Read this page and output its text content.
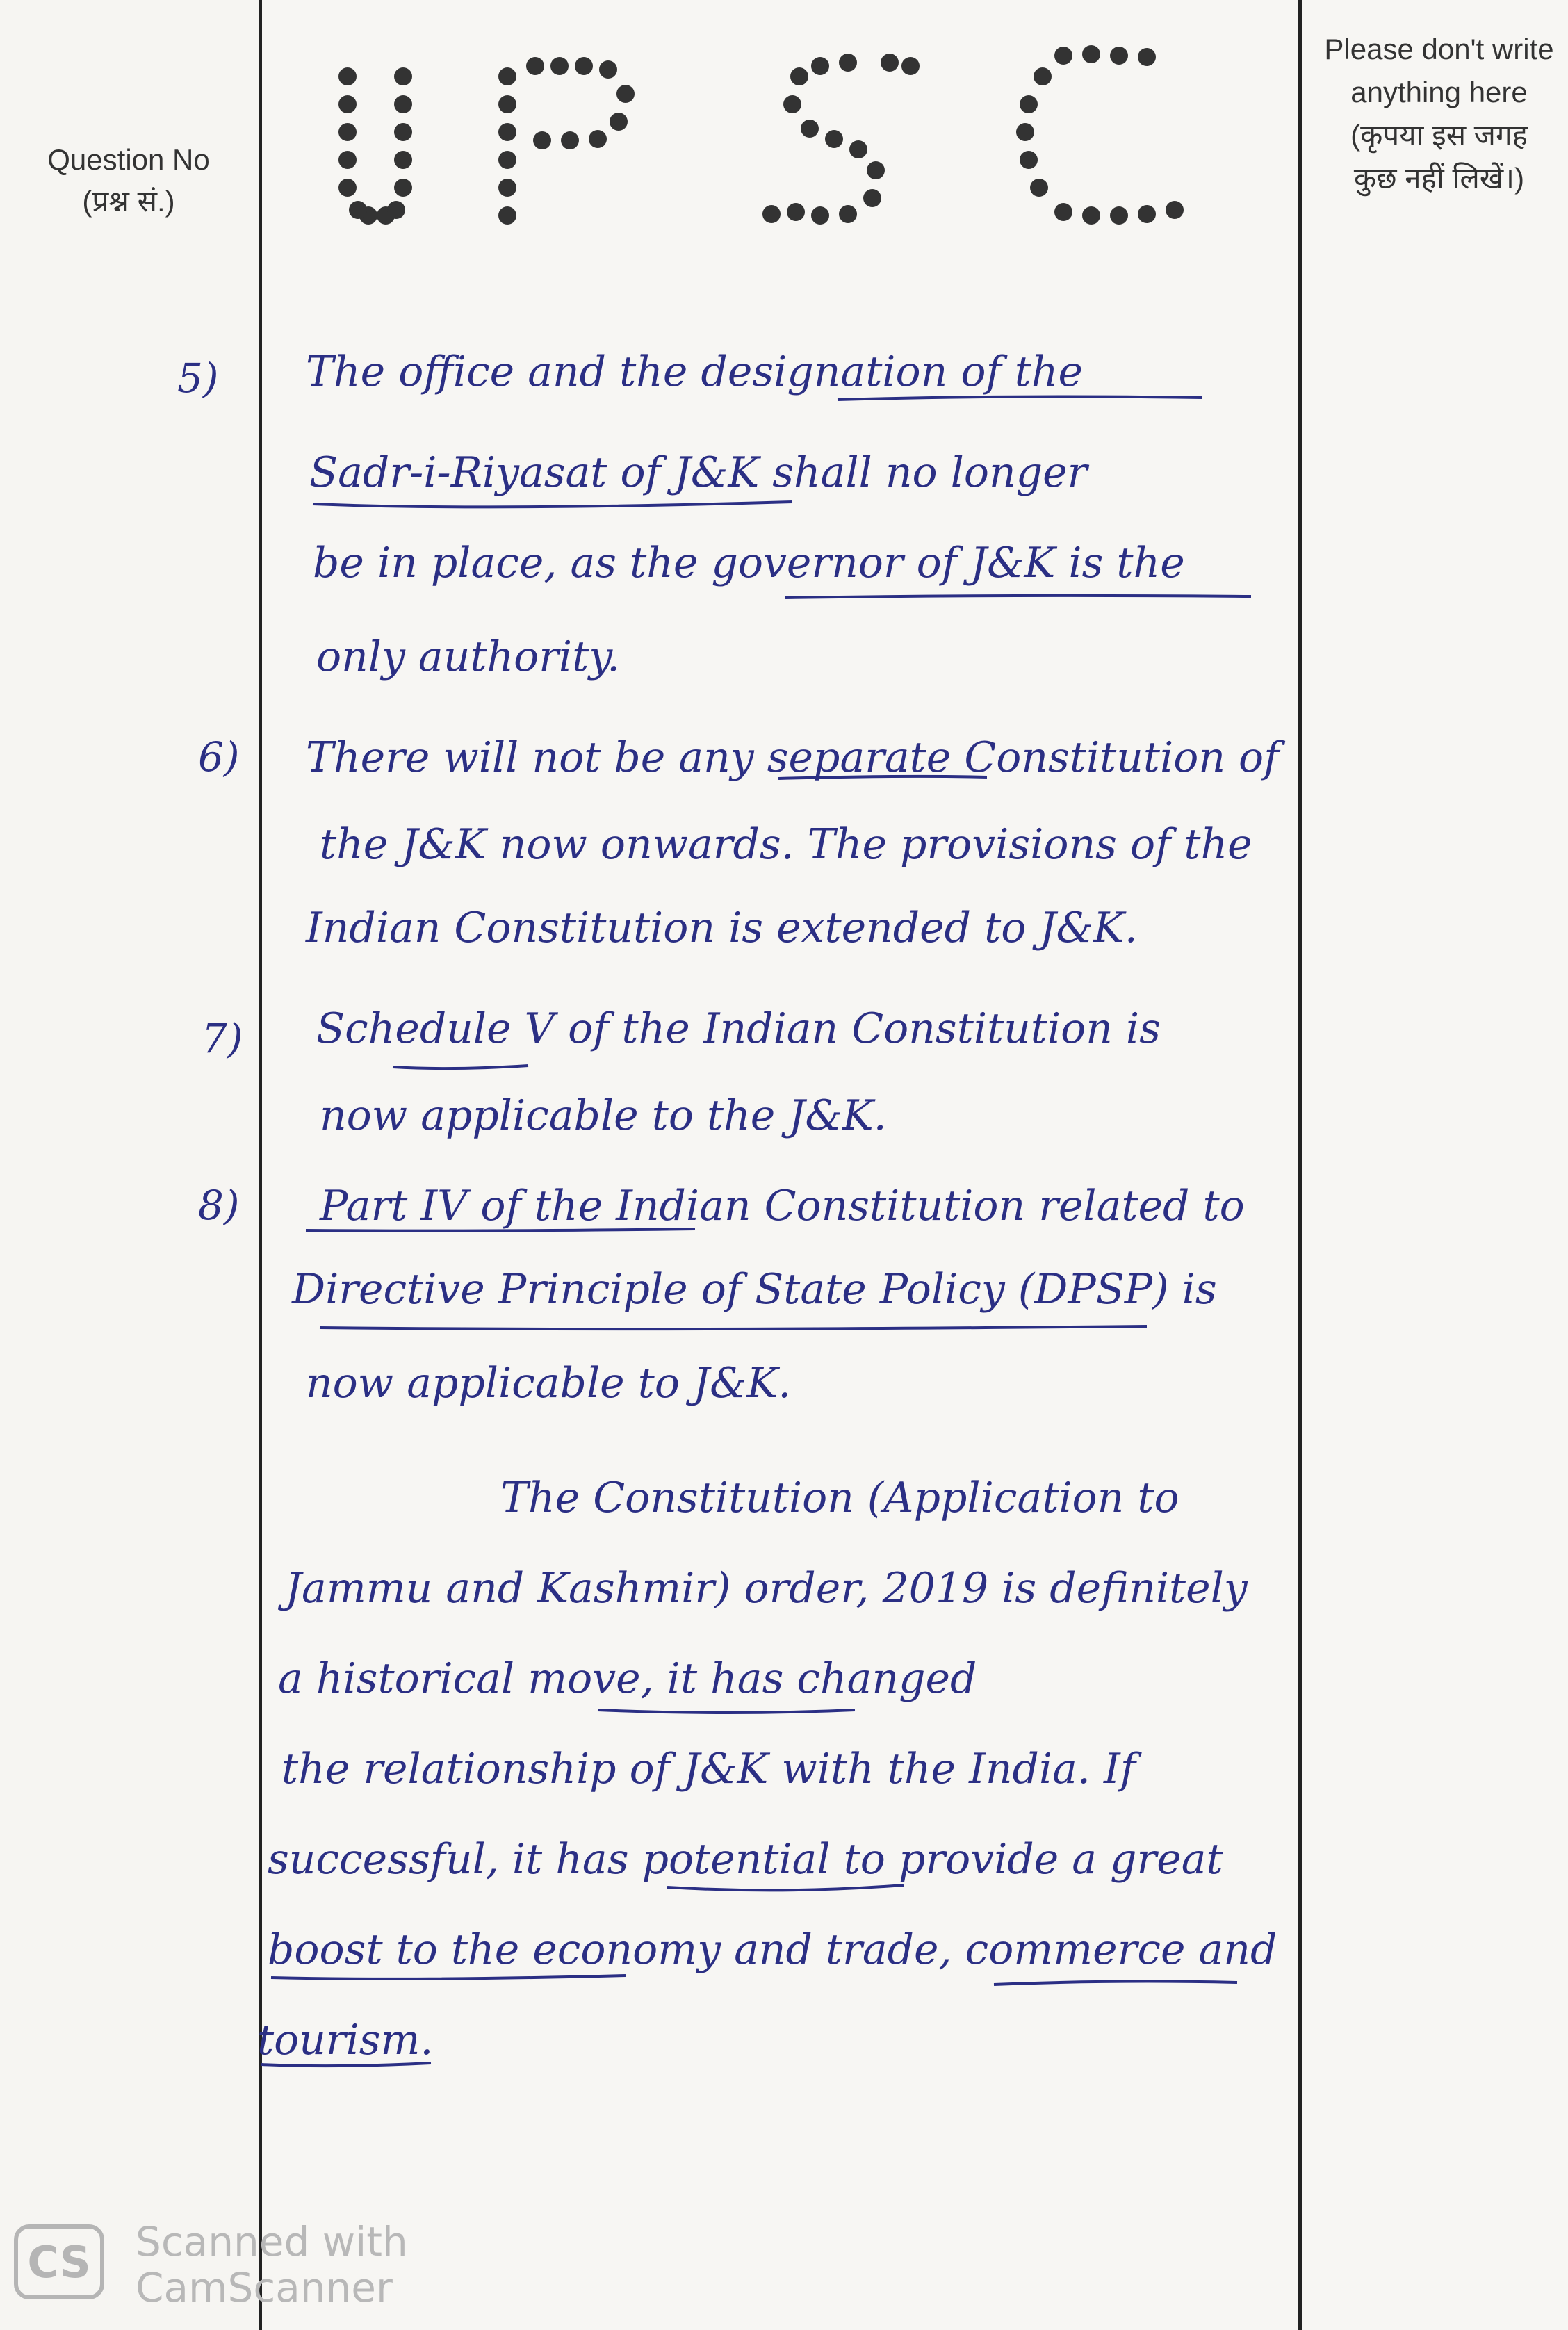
Question No
(प्रश्न सं.)
Please don't write
anything here
(कृपया इस जगह
कुछ नहीं लिखें।)
5) The office and the designation of the
Sadr-i-Riyasat of J&K shall no longer
be in place, as the governor of J&K is the
only authority.
6) There will not be any separate Constitution of
the J&K now onwards. The provisions of the
Indian Constitution is extended to J&K.
7) Schedule V of the Indian Constitution is
now applicable to the J&K.
8) Part IV of the Indian Constitution related to
Directive Principle of State Policy (DPSP) is
now applicable to J&K.
The Constitution (Application to
Jammu and Kashmir) order, 2019 is definitely
a historical move, it has changed
the relationship of J&K with the India. If
successful, it has potential to provide a great
boost to the economy and trade, commerce and
tourism.
CS	Scanned with
CamScanner
